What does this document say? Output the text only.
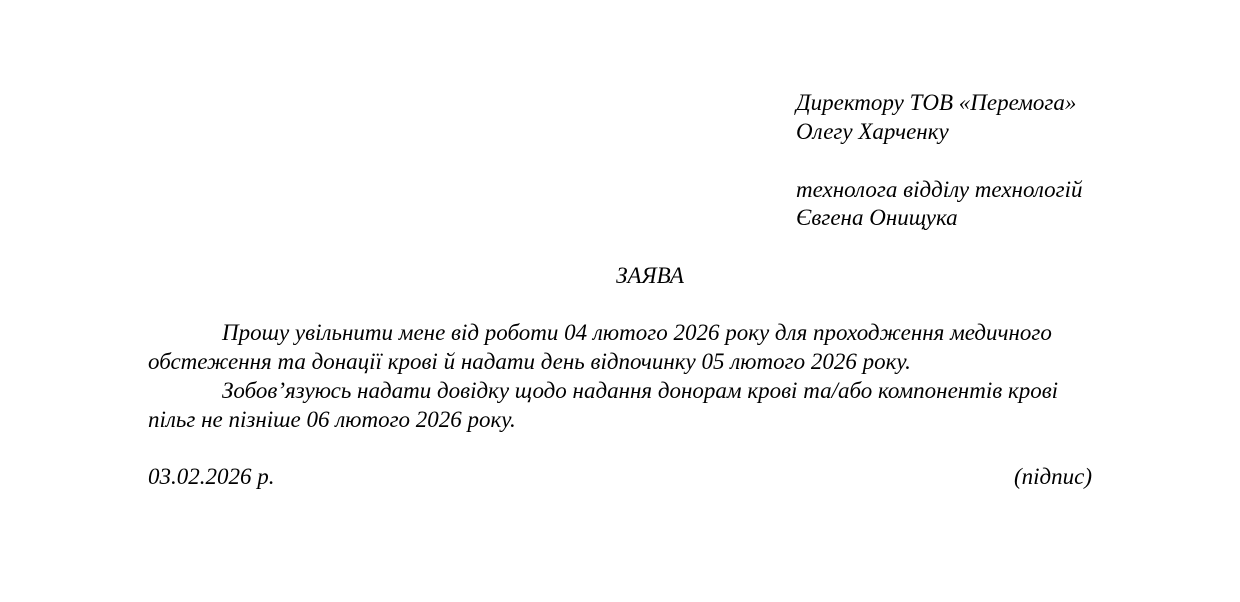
Директору ТОВ «Перемога»
Олегу Харченку
технолога відділу технологій
Євгена Онищука
ЗАЯВА
Прошу увільнити мене від роботи 04 лютого 2026 року для проходження медичного
обстеження та донації крові й надати день відпочинку 05 лютого 2026 року.
Зобов’язуюсь надати довідку щодо надання донорам крові та/або компонентів крові
пільг не пізніше 06 лютого 2026 року.
03.02.2026 р.	(підпис)
